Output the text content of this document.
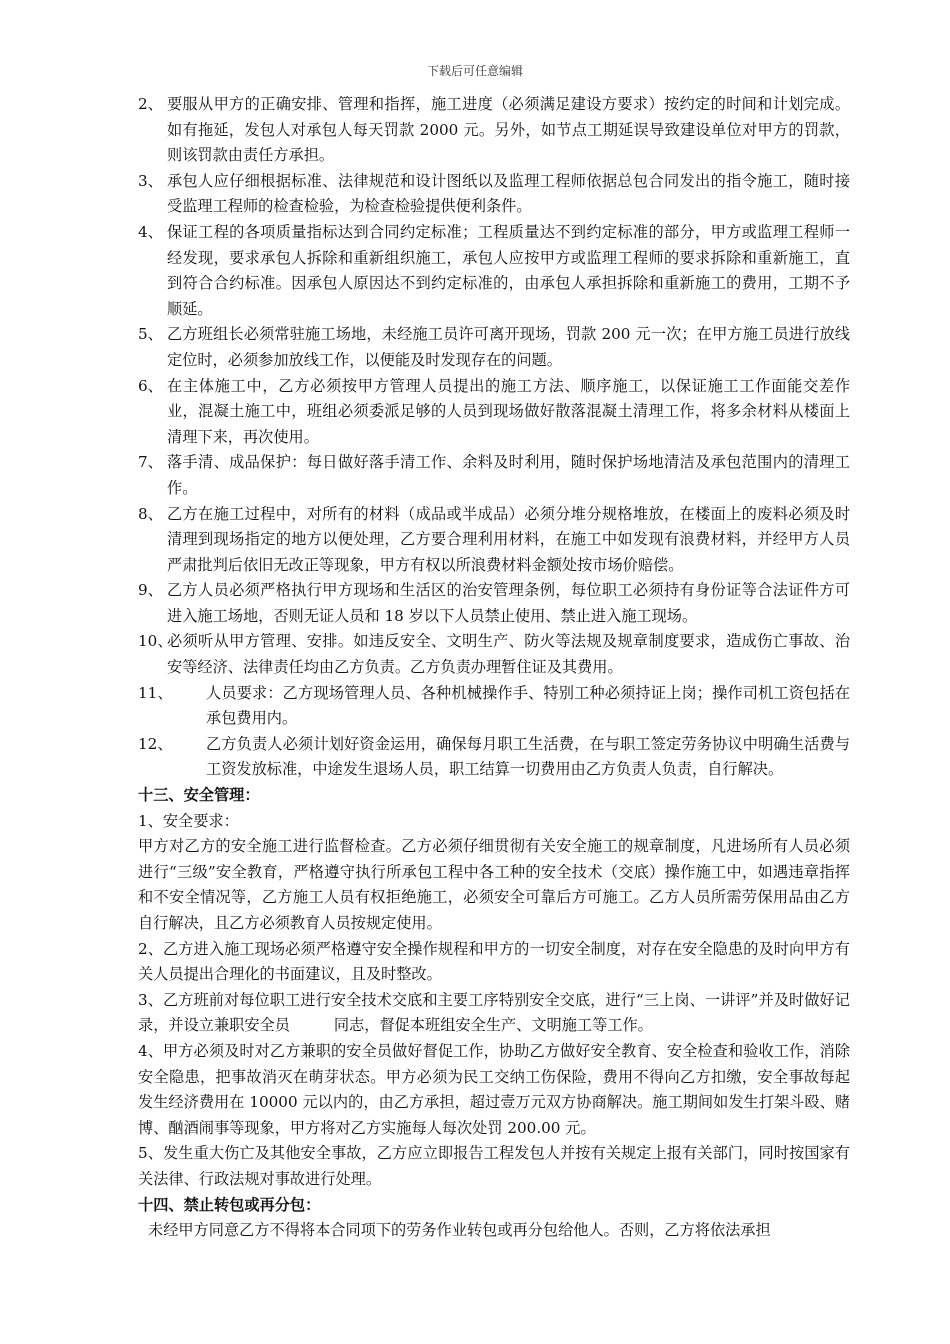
下载后可任意编辑
2、 要服从甲方的正确安排、管理和指挥，施工进度（必须满足建设方要求）按约定的时间和计划完成。如有拖延，发包人对承包人每天罚款 2000 元。另外，如节点工期延误导致建设单位对甲方的罚款，则该罚款由责任方承担。
3、 承包人应仔细根据标准、法律规范和设计图纸以及监理工程师依据总包合同发出的指令施工，随时接受监理工程师的检查检验，为检查检验提供便利条件。
4、 保证工程的各项质量指标达到合同约定标准；工程质量达不到约定标准的部分，甲方或监理工程师一经发现，要求承包人拆除和重新组织施工，承包人应按甲方或监理工程师的要求拆除和重新施工，直到符合合约标准。因承包人原因达不到约定标准的，由承包人承担拆除和重新施工的费用，工期不予顺延。
5、 乙方班组长必须常驻施工场地，未经施工员许可离开现场，罚款 200 元一次；在甲方施工员进行放线定位时，必须参加放线工作，以便能及时发现存在的问题。
6、 在主体施工中，乙方必须按甲方管理人员提出的施工方法、顺序施工，以保证施工工作面能交差作业，混凝土施工中，班组必须委派足够的人员到现场做好散落混凝土清理工作，将多余材料从楼面上清理下来，再次使用。
7、 落手清、成品保护：每日做好落手清工作、余料及时利用，随时保护场地清洁及承包范围内的清理工作。
8、 乙方在施工过程中，对所有的材料（成品或半成品）必须分堆分规格堆放，在楼面上的废料必须及时清理到现场指定的地方以便处理，乙方要合理利用材料，在施工中如发现有浪费材料，并经甲方人员严肃批判后依旧无改正等现象，甲方有权以所浪费材料金额处按市场价赔偿。
9、 乙方人员必须严格执行甲方现场和生活区的治安管理条例，每位职工必须持有身份证等合法证件方可进入施工场地，否则无证人员和 18 岁以下人员禁止使用、禁止进入施工现场。
10、
必须听从甲方管理、安排。如违反安全、文明生产、防火等法规及规章制度要求，造成伤亡事故、治安等经济、法律责任均由乙方负责。乙方负责办理暂住证及其费用。
11、	人员要求：乙方现场管理人员、各种机械操作手、特别工种必须持证上岗；操作司机工资包括在承包费用内。
12、	乙方负责人必须计划好资金运用，确保每月职工生活费，在与职工签定劳务协议中明确生活费与工资发放标准，中途发生退场人员，职工结算一切费用由乙方负责人负责，自行解决。
十三、安全管理：
1、安全要求：
甲方对乙方的安全施工进行监督检查。乙方必须仔细贯彻有关安全施工的规章制度，凡进场所有人员必须进行“三级”安全教育，严格遵守执行所承包工程中各工种的安全技术（交底）操作施工中，如遇违章指挥和不安全情况等，乙方施工人员有权拒绝施工，必须安全可靠后方可施工。乙方人员所需劳保用品由乙方自行解决，且乙方必须教育人员按规定使用。
2、乙方进入施工现场必须严格遵守安全操作规程和甲方的一切安全制度，对存在安全隐患的及时向甲方有关人员提出合理化的书面建议，且及时整改。
3、乙方班前对每位职工进行安全技术交底和主要工序特别安全交底，进行“三上岗、一讲评”并及时做好记录，并设立兼职安全员	同志，督促本班组安全生产、文明施工等工作。
4、甲方必须及时对乙方兼职的安全员做好督促工作，协助乙方做好安全教育、安全检查和验收工作，消除安全隐患，把事故消灭在萌芽状态。甲方必须为民工交纳工伤保险，费用不得向乙方扣缴，安全事故每起发生经济费用在 10000 元以内的，由乙方承担，超过壹万元双方协商解决。施工期间如发生打架斗殴、赌博、酗酒闹事等现象，甲方将对乙方实施每人每次处罚 200.00 元。
5、发生重大伤亡及其他安全事故，乙方应立即报告工程发包人并按有关规定上报有关部门，同时按国家有关法律、行政法规对事故进行处理。
十四、禁止转包或再分包：
未经甲方同意乙方不得将本合同项下的劳务作业转包或再分包给他人。否则，乙方将依法承担
